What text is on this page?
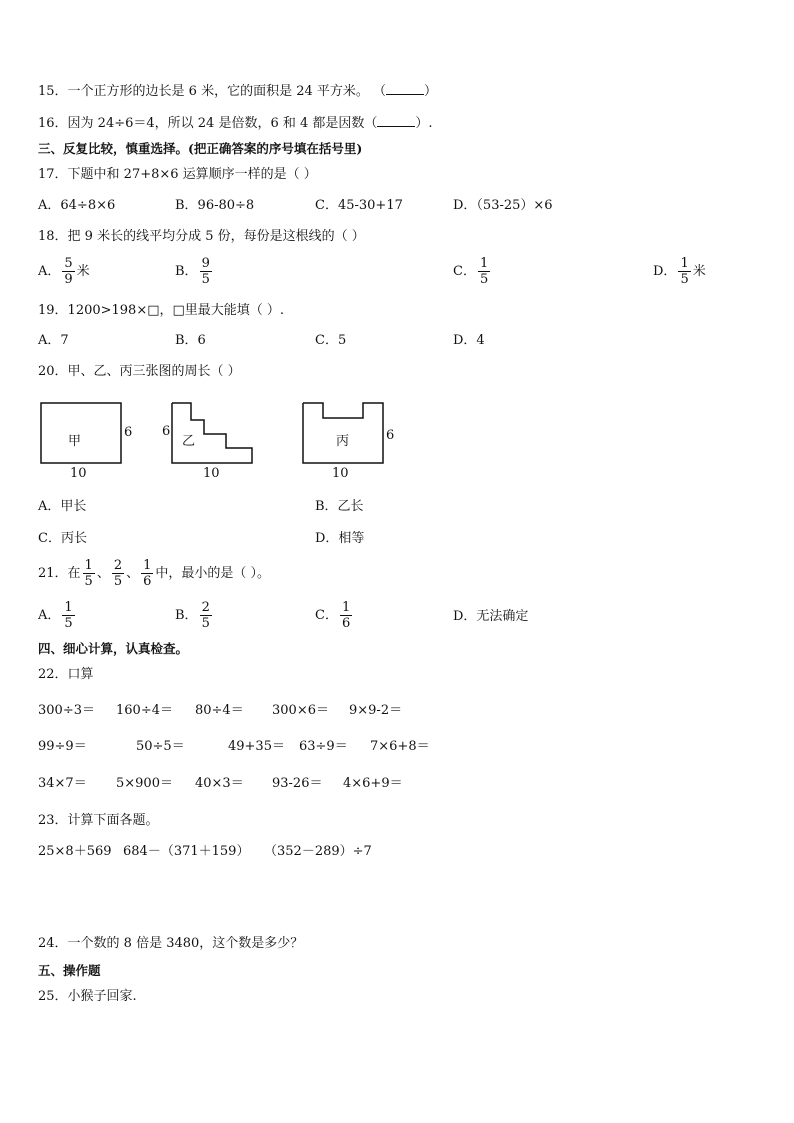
15．一个正方形的边长是 6 米，它的面积是 24 平方米。 （	）
16．因为 24÷6＝4，所以 24 是倍数，6 和 4 都是因数（	）.
三、反复比较，慎重选择。(把正确答案的序号填在括号里)
17．下题中和 27+8×6 运算顺序一样的是（ ）
A．64÷8×6	B．96-80÷8	C．45-30+17	D．（53-25）×6
18．把 9 米长的线平均分成 5 份，每份是这根线的（ ）
A． $\frac{5}{9}$ 米	B． $\frac{9}{5}$	C． $\frac{1}{5}$	D． $\frac{1}{5}$ 米
19．1200>198×□，□里最大能填（ ）.
A．7	B．6	C．5	D．4
20．甲、乙、丙三张图的周长（ ）
甲
6
10
6
乙
10
丙	6
10
A．甲长	B．乙长
C．丙长	D．相等
21．在 $\frac{1}{5}$ 、 $\frac{2}{5}$ 、 $\frac{1}{6}$ 中，最小的是（ ）。
A． $\frac{1}{5}$	B． $\frac{2}{5}$	C． $\frac{1}{6}$	D．无法确定
四、细心计算，认真检查。
22．口算
300÷3＝ 160÷4＝ 80÷4＝ 300×6＝ 9×9-2＝
99÷9＝	50÷5＝	49+35＝ 63÷9＝ 7×6+8＝
34×7＝ 5×900＝ 40×3＝ 93-26＝ 4×6+9＝
23．计算下面各题。
25×8＋569 684－（371＋159） （352－289）÷7
24．一个数的 8 倍是 3480，这个数是多少？
五、操作题
25．小猴子回家.
